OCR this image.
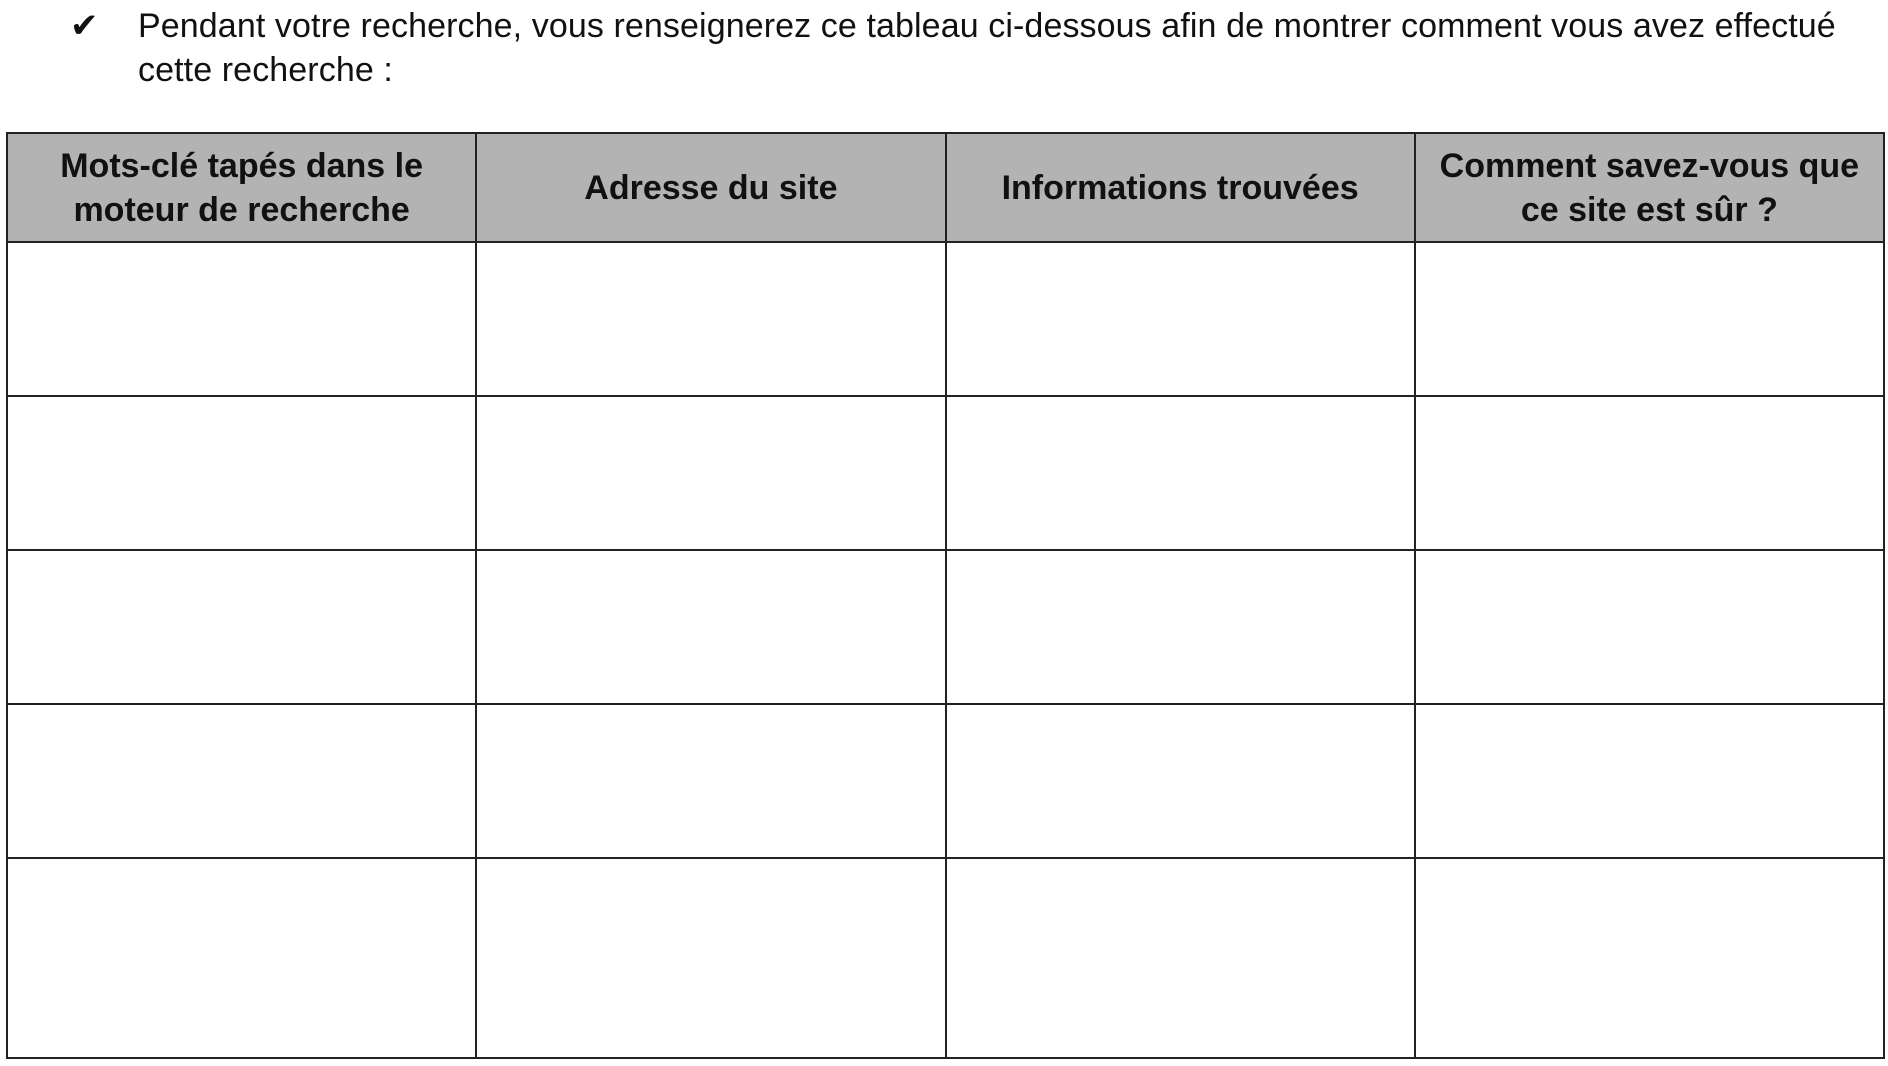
✔	Pendant votre recherche, vous renseignerez ce tableau ci-dessous afin de montrer comment vous avez effectué cette recherche :
Mots-clé tapés dans le moteur de recherche	Adresse du site	Informations trouvées	Comment savez-vous que ce site est sûr ?
